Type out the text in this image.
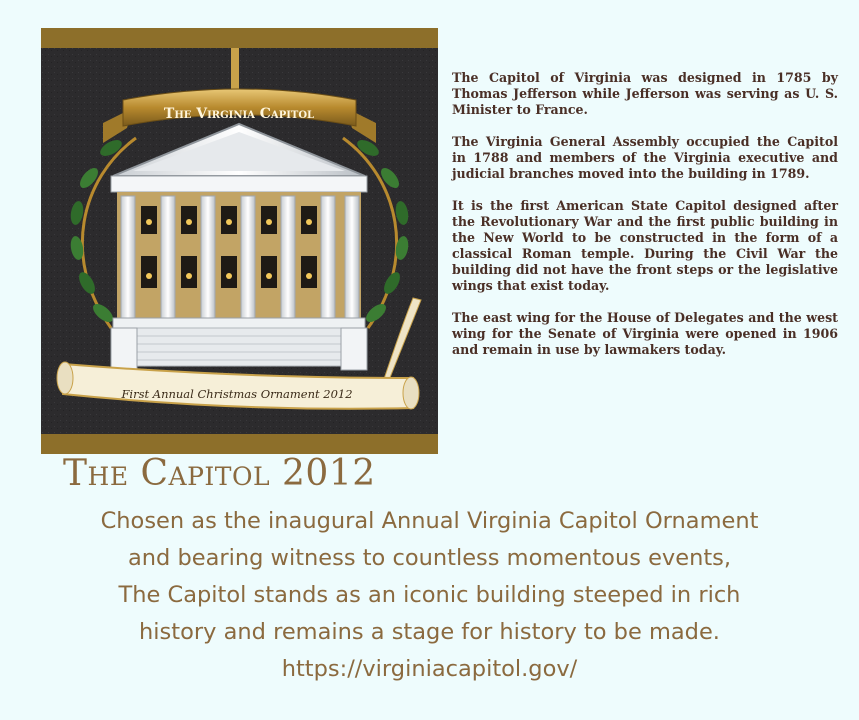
The Virginia Capitol
First Annual Christmas Ornament 2012

The Capitol of Virginia was designed in 1785 by Thomas Jefferson while Jefferson was serving as U. S. Minister to France.

The Virginia General Assembly occupied the Capitol in 1788 and members of the Virginia executive and judicial branches moved into the building in 1789.

It is the first American State Capitol designed after the Revolutionary War and the first public building in the New World to be constructed in the form of a classical Roman temple. During the Civil War the building did not have the front steps or the legislative wings that exist today.

The east wing for the House of Delegates and the west wing for the Senate of Virginia were opened in 1906 and remain in use by lawmakers today.

The Capitol 2012
Chosen as the inaugural Annual Virginia Capitol Ornament
and bearing witness to countless momentous events,
The Capitol stands as an iconic building steeped in rich
history and remains a stage for history to be made.
https://virginiacapitol.gov/
